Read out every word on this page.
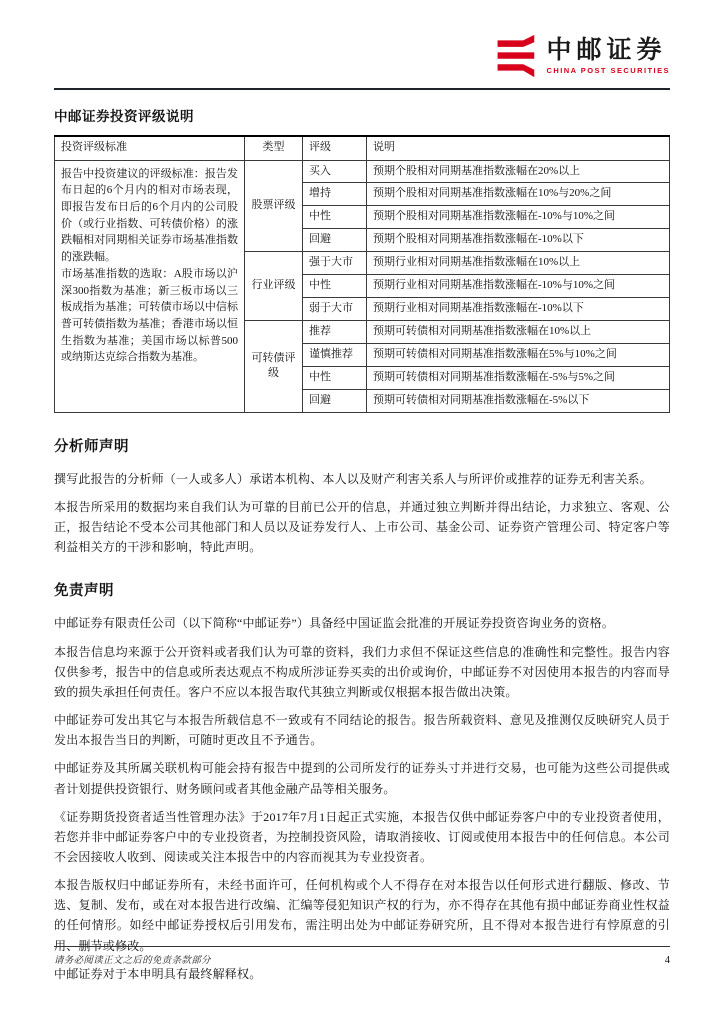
中邮证券
CHINA POST SECURITIES
中邮证券投资评级说明
投资评级标准	类型	评级	说明

报告中投资建议的评级标准：报告发布日起的6个月内的相对市场表现，即报告发布日后的6个月内的公司股价（或行业指数、可转债价格）的涨跌幅相对同期相关证券市场基准指数的涨跌幅。

市场基准指数的选取：A股市场以沪深300指数为基准；新三板市场以三板成指为基准；可转债市场以中信标普可转债指数为基准；香港市场以恒生指数为基准；美国市场以标普500或纳斯达克综合指数为基准。	股票评级	买入	预期个股相对同期基准指数涨幅在20%以上
		增持	预期个股相对同期基准指数涨幅在10%与20%之间
		中性	预期个股相对同期基准指数涨幅在-10%与10%之间
		回避	预期个股相对同期基准指数涨幅在-10%以下
	行业评级	强于大市	预期行业相对同期基准指数涨幅在10%以上
		中性	预期行业相对同期基准指数涨幅在-10%与10%之间
		弱于大市	预期行业相对同期基准指数涨幅在-10%以下
	可转债评级	推荐	预期可转债相对同期基准指数涨幅在10%以上
		谨慎推荐	预期可转债相对同期基准指数涨幅在5%与10%之间
		中性	预期可转债相对同期基准指数涨幅在-5%与5%之间
		回避	预期可转债相对同期基准指数涨幅在-5%以下
分析师声明

撰写此报告的分析师（一人或多人）承诺本机构、本人以及财产利害关系人与所评价或推荐的证券无利害关系。

本报告所采用的数据均来自我们认为可靠的目前已公开的信息，并通过独立判断并得出结论，力求独立、客观、公正，报告结论不受本公司其他部门和人员以及证券发行人、上市公司、基金公司、证券资产管理公司、特定客户等利益相关方的干涉和影响，特此声明。

免责声明

中邮证券有限责任公司（以下简称“中邮证券”）具备经中国证监会批准的开展证券投资咨询业务的资格。

本报告信息均来源于公开资料或者我们认为可靠的资料，我们力求但不保证这些信息的准确性和完整性。报告内容仅供参考，报告中的信息或所表达观点不构成所涉证券买卖的出价或询价，中邮证券不对因使用本报告的内容而导致的损失承担任何责任。客户不应以本报告取代其独立判断或仅根据本报告做出决策。

中邮证券可发出其它与本报告所载信息不一致或有不同结论的报告。报告所载资料、意见及推测仅反映研究人员于发出本报告当日的判断，可随时更改且不予通告。

中邮证券及其所属关联机构可能会持有报告中提到的公司所发行的证券头寸并进行交易，也可能为这些公司提供或者计划提供投资银行、财务顾问或者其他金融产品等相关服务。

《证券期货投资者适当性管理办法》于2017年7月1日起正式实施，本报告仅供中邮证券客户中的专业投资者使用，若您并非中邮证券客户中的专业投资者，为控制投资风险，请取消接收、订阅或使用本报告中的任何信息。本公司不会因接收人收到、阅读或关注本报告中的内容而视其为专业投资者。

本报告版权归中邮证券所有，未经书面许可，任何机构或个人不得存在对本报告以任何形式进行翻版、修改、节选、复制、发布，或在对本报告进行改编、汇编等侵犯知识产权的行为，亦不得存在其他有损中邮证券商业性权益的任何情形。如经中邮证券授权后引用发布，需注明出处为中邮证券研究所，且不得对本报告进行有悖原意的引用、删节或修改。

中邮证券对于本申明具有最终解释权。

请务必阅读正文之后的免责条款部分	4
